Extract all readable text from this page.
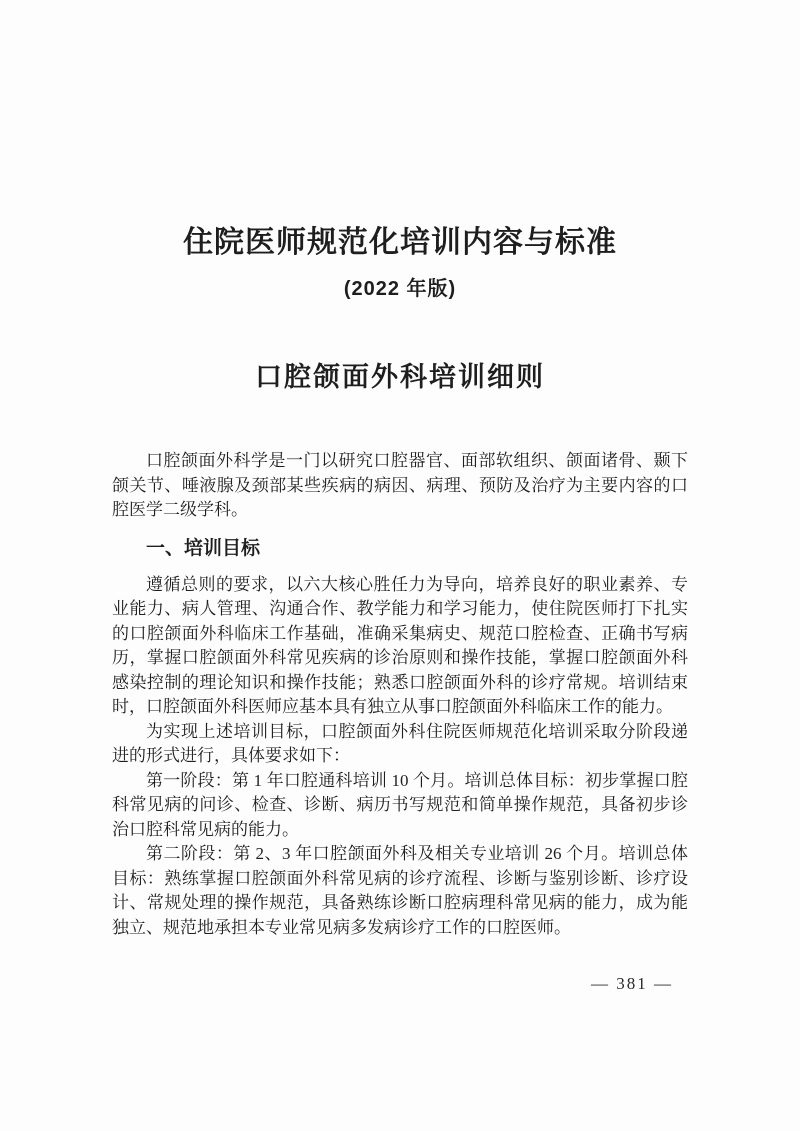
住院医师规范化培训内容与标准
(2022 年版)
口腔颌面外科培训细则

口腔颌面外科学是一门以研究口腔器官、面部软组织、颌面诸骨、颞下颌关节、唾液腺及颈部某些疾病的病因、病理、预防及治疗为主要内容的口腔医学二级学科。

一、培训目标

遵循总则的要求，以六大核心胜任力为导向，培养良好的职业素养、专业能力、病人管理、沟通合作、教学能力和学习能力，使住院医师打下扎实的口腔颌面外科临床工作基础，准确采集病史、规范口腔检查、正确书写病历，掌握口腔颌面外科常见疾病的诊治原则和操作技能，掌握口腔颌面外科感染控制的理论知识和操作技能；熟悉口腔颌面外科的诊疗常规。培训结束时，口腔颌面外科医师应基本具有独立从事口腔颌面外科临床工作的能力。

为实现上述培训目标，口腔颌面外科住院医师规范化培训采取分阶段递进的形式进行，具体要求如下：

第一阶段：第 1 年口腔通科培训 10 个月。培训总体目标：初步掌握口腔科常见病的问诊、检查、诊断、病历书写规范和简单操作规范，具备初步诊治口腔科常见病的能力。

第二阶段：第 2、3 年口腔颌面外科及相关专业培训 26 个月。培训总体目标：熟练掌握口腔颌面外科常见病的诊疗流程、诊断与鉴别诊断、诊疗设计、常规处理的操作规范，具备熟练诊断口腔病理科常见病的能力，成为能独立、规范地承担本专业常见病多发病诊疗工作的口腔医师。

— 381 —
